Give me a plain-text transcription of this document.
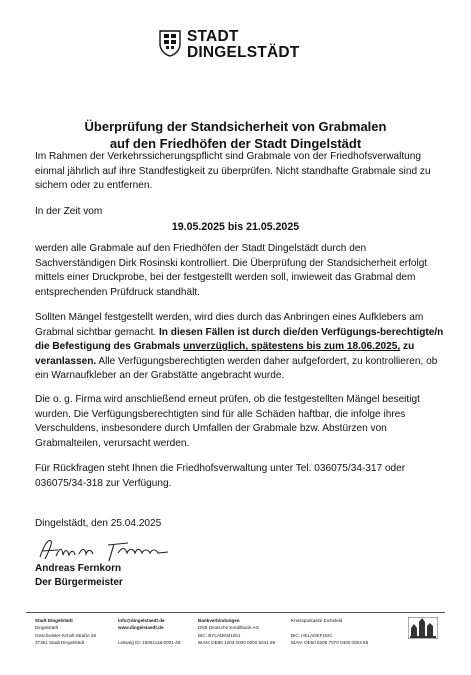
STADT
DINGELSTÄDT
Überprüfung der Standsicherheit von Grabmalen
auf den Friedhöfen der Stadt Dingelstädt
Im Rahmen der Verkehrssicherungspflicht sind Grabmale von der Friedhofsverwaltung einmal jährlich auf ihre Standfestigkeit zu überprüfen. Nicht standhafte Grabmale sind zu sichern oder zu entfernen.
In der Zeit vom
19.05.2025 bis 21.05.2025
werden alle Grabmale auf den Friedhöfen der Stadt Dingelstädt durch den Sachverständigen Dirk Rosinski kontrolliert. Die Überprüfung der Standsicherheit erfolgt mittels einer Druckprobe, bei der festgestellt werden soll, inwieweit das Grabmal dem entsprechenden Prüfdruck standhält.
Sollten Mängel festgestellt werden, wird dies durch das Anbringen eines Aufklebers am Grabmal sichtbar gemacht. In diesen Fällen ist durch die/den Verfügungs-berechtigte/n die Befestigung des Grabmals unverzüglich, spätestens bis zum 18.06.2025, zu veranlassen. Alle Verfügungsberechtigten werden daher aufgefordert, zu kontrollieren, ob ein Warnaufkleber an der Grabstätte angebracht wurde.
Die o. g. Firma wird anschließend erneut prüfen, ob die festgestellten Mängel beseitigt wurden. Die Verfügungsberechtigten sind für alle Schäden haftbar, die infolge ihres Verschuldens, insbesondere durch Umfallen der Grabmale bzw. Abstürzen von Grabmalteilen, verursacht werden.
Für Rückfragen steht Ihnen die Friedhofsverwaltung unter Tel. 036075/34-317 oder 036075/34-318 zur Verfügung.
Dingelstädt, den 25.04.2025
Andreas Fernkorn
Der Bürgermeister
Stadt Dingelstädt
Dingelstädt
Geschwister-Scholl-Straße 28
37351 Stadt Dingelstädt
info@dingelstaedt.de
www.dingelstaedt.de

Leitweg ID: 16061118-0001-49
Bankverbindungen
DKB Deutsche Kreditbank AG
BIC: BYLADEM1001
IBAN: DE86 1203 0000 0000 9241 89
Kreissparkasse Eichsfeld

BIC: HELADEF1EIC
IBAN: DE50 8205 7070 0400 0004 65
